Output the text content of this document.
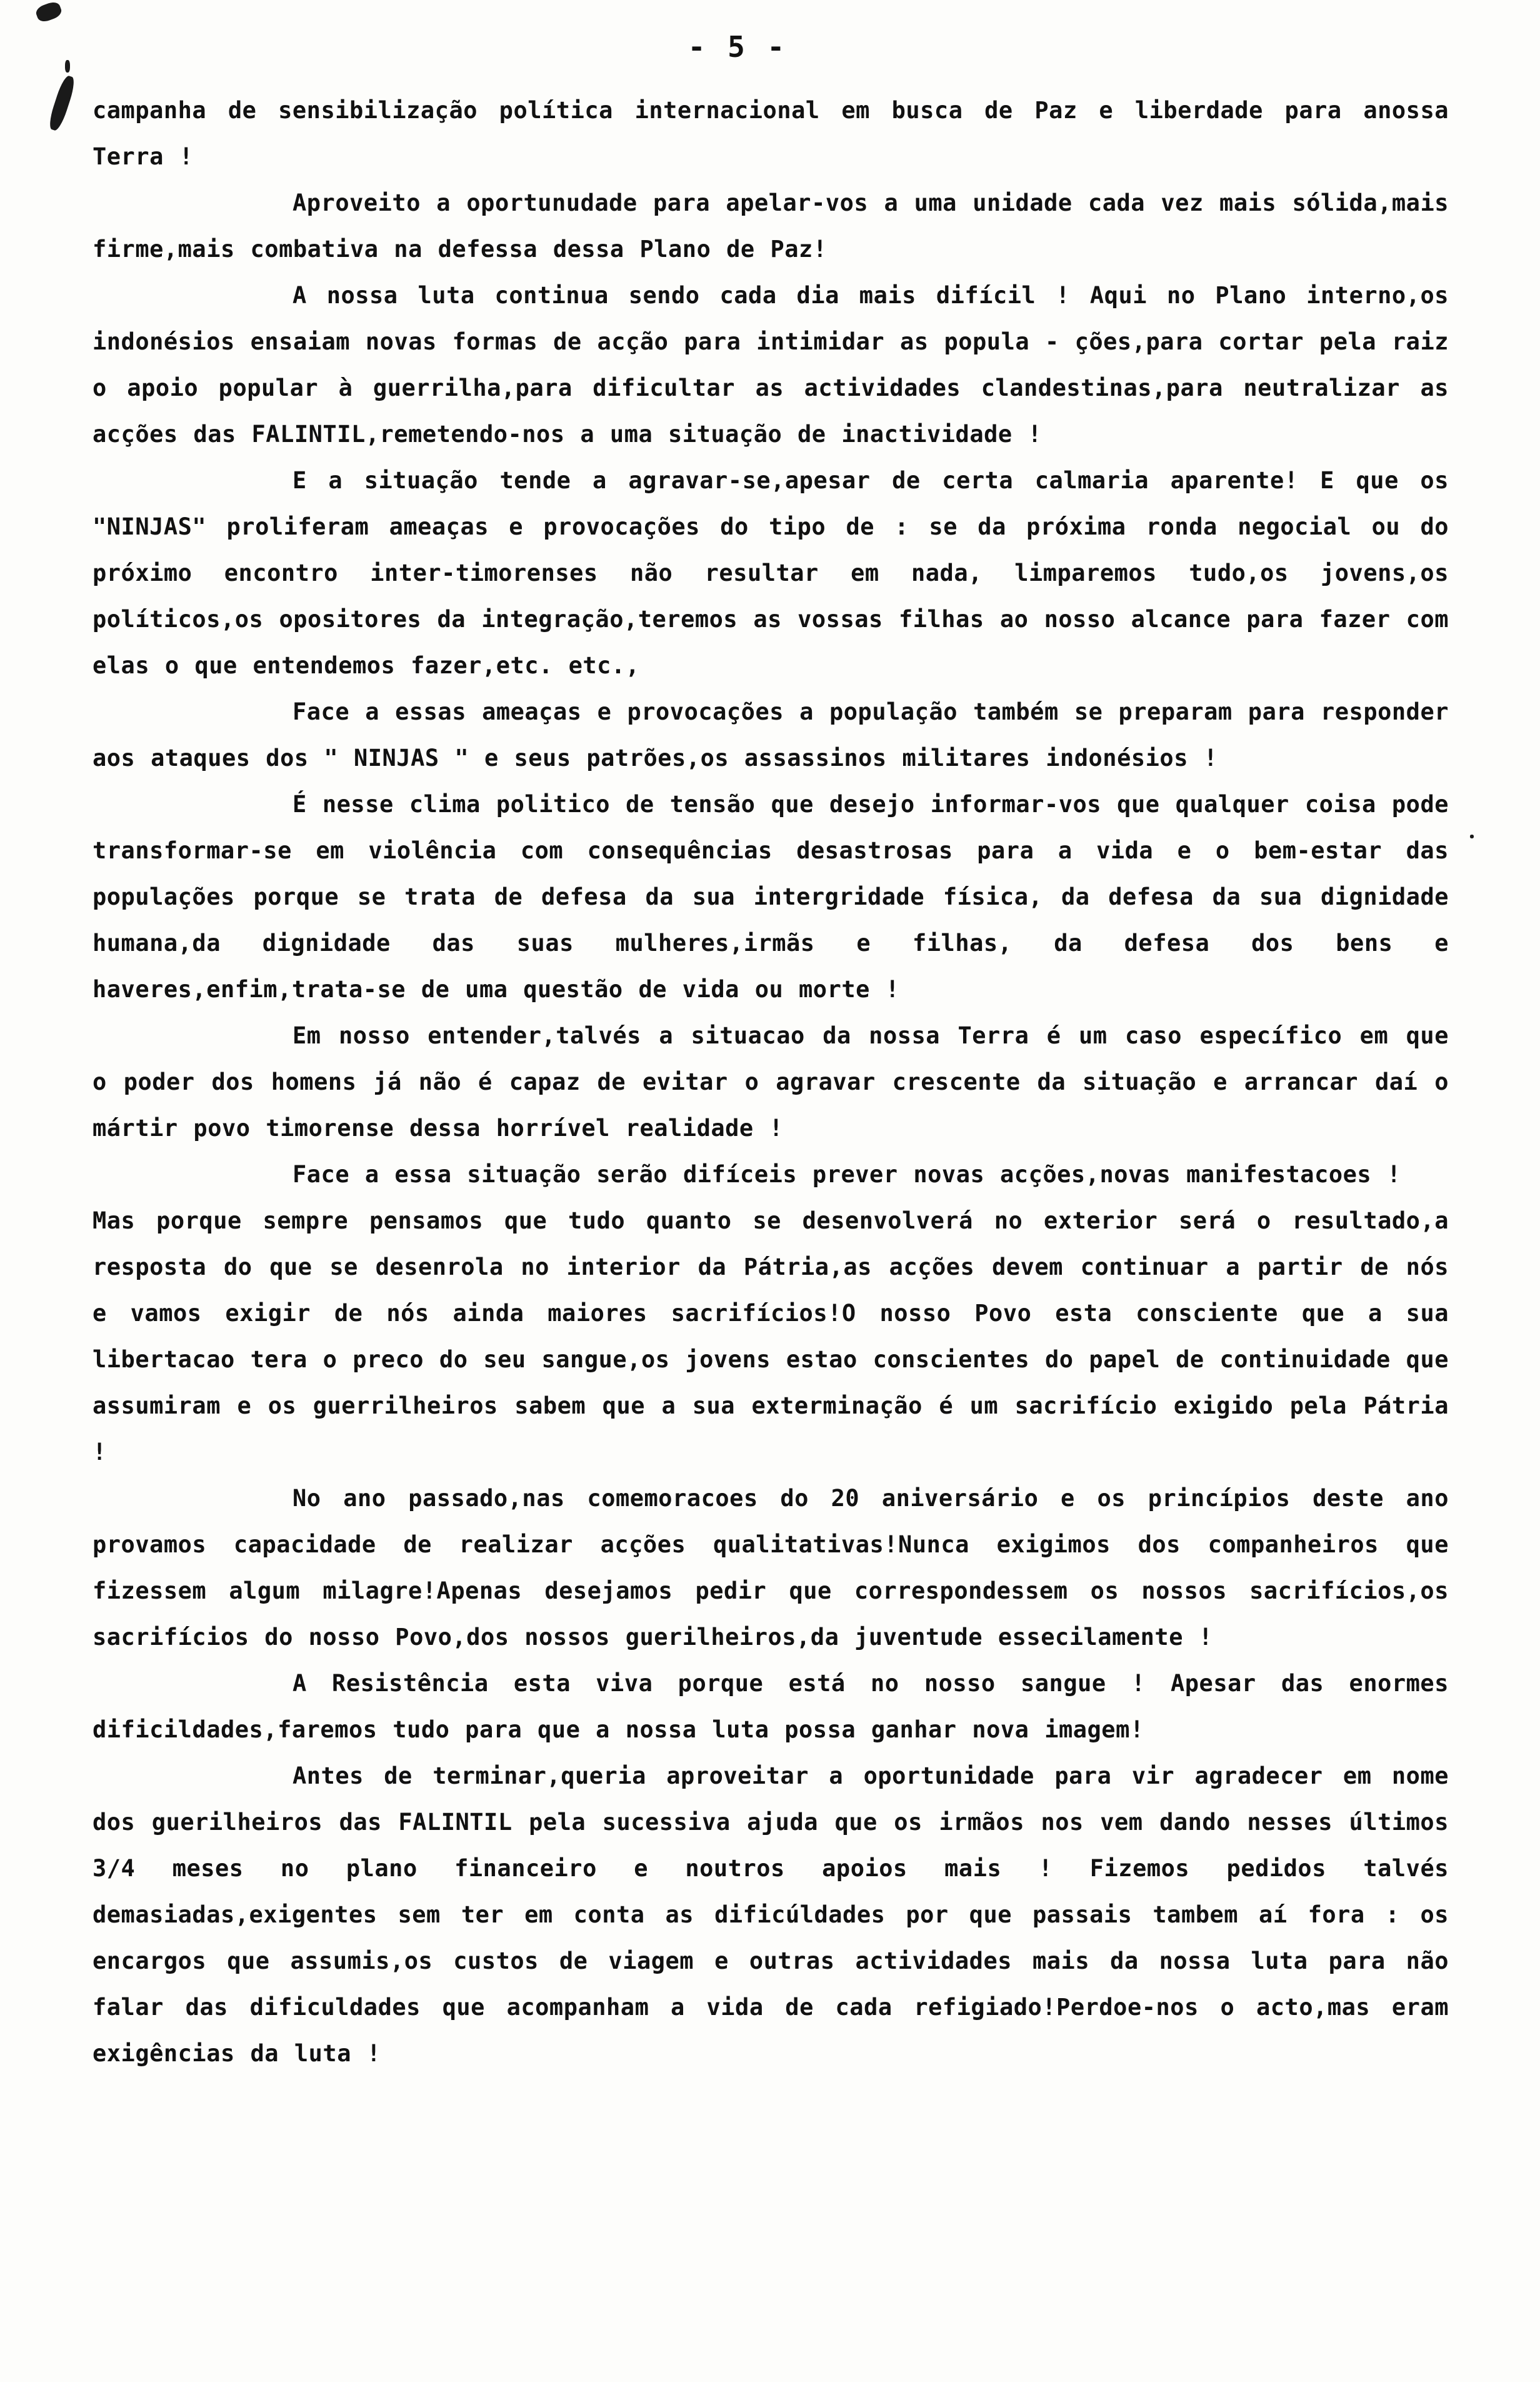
- 5 -

campanha de sensibilização política internacional em busca de Paz e liberdade para anossa Terra !

Aproveito a oportunudade para apelar-vos a uma unidade cada vez mais sólida,mais firme,mais combativa na defessa dessa Plano de Paz!

A nossa luta continua sendo cada dia mais difícil ! Aqui no Plano interno,os indonésios ensaiam novas formas de acção para intimidar as popula - ções,para cortar pela raiz o apoio popular à guerrilha,para dificultar as actividades clandestinas,para neutralizar as acções das FALINTIL,remetendo-nos a uma situação de inactividade !

E a situação tende a agravar-se,apesar de certa calmaria aparente! E que os "NINJAS" proliferam ameaças e provocações do tipo de : se da próxima ronda negocial ou do próximo encontro inter-timorenses não resultar em nada, limparemos tudo,os jovens,os políticos,os opositores da integração,teremos as vossas filhas ao nosso alcance para fazer com elas o que entendemos fazer,etc. etc.,

Face a essas ameaças e provocações a população também se preparam para responder aos ataques dos " NINJAS " e seus patrões,os assassinos militares indonésios !

É nesse clima politico de tensão que desejo informar-vos que qualquer coisa pode transformar-se em violência com consequências desastrosas para a vida e o bem-estar das populações porque se trata de defesa da sua intergridade física, da defesa da sua dignidade humana,da dignidade das suas mulheres,irmãs e filhas, da defesa dos bens e haveres,enfim,trata-se de uma questão de vida ou morte !

Em nosso entender,talvés a situacao da nossa Terra é um caso específico em que o poder dos homens já não é capaz de evitar o agravar crescente da situação e arrancar daí o mártir povo timorense dessa horrível realidade !

Face a essa situação serão difíceis prever novas acções,novas manifestacoes !

Mas porque sempre pensamos que tudo quanto se desenvolverá no exterior será o resultado,a resposta do que se desenrola no interior da Pátria,as acções devem continuar a partir de nós e vamos exigir de nós ainda maiores sacrifícios!O nosso Povo esta consciente que a sua libertacao tera o preco do seu sangue,os jovens estao conscientes do papel de continuidade que assumiram e os guerrilheiros sabem que a sua exterminação é um sacrifício exigido pela Pátria !

No ano passado,nas comemoracoes do 20 aniversário e os princípios deste ano provamos capacidade de realizar acções qualitativas!Nunca exigimos dos companheiros que fizessem algum milagre!Apenas desejamos pedir que correspondessem os nossos sacrifícios,os sacrifícios do nosso Povo,dos nossos guerilheiros,da juventude essecilamente !

A Resistência esta viva porque está no nosso sangue ! Apesar das enormes dificildades,faremos tudo para que a nossa luta possa ganhar nova imagem!

Antes de terminar,queria aproveitar a oportunidade para vir agradecer em nome dos guerilheiros das FALINTIL pela sucessiva ajuda que os irmãos nos vem dando nesses últimos 3/4 meses no plano financeiro e noutros apoios mais ! Fizemos pedidos talvés demasiadas,exigentes sem ter em conta as dificúldades por que passais tambem aí fora : os encargos que assumis,os custos de viagem e outras actividades mais da nossa luta para não falar das dificuldades que acompanham a vida de cada refigiado!Perdoe-nos o acto,mas eram exigências da luta !
